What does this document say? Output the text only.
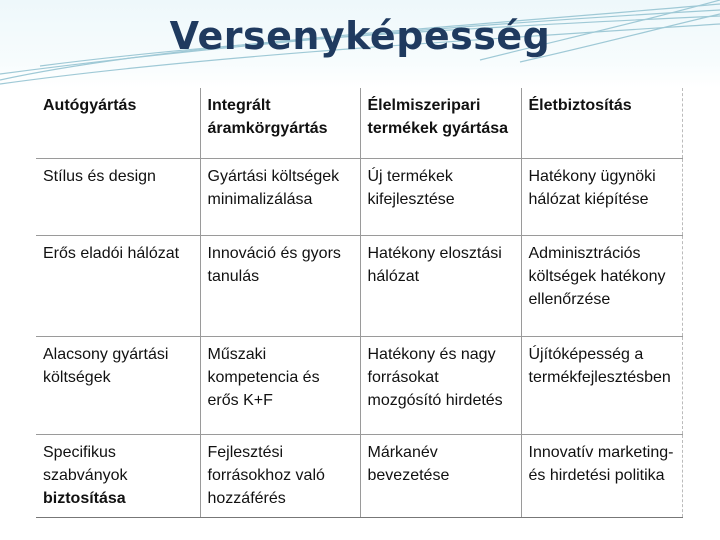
Versenyképesség
Autógyártás	Integrált áramkörgyártás	Élelmiszeripari termékek gyártása	Életbiztosítás
Stílus és design	Gyártási költségek minimalizálása	Új termékek kifejlesztése	Hatékony ügynöki hálózat kiépítése
Erős eladói hálózat	Innováció és gyors tanulás	Hatékony elosztási hálózat	Adminisztrációs költségek hatékony ellenőrzése
Alacsony gyártási költségek	Műszaki kompetencia és erős K+F	Hatékony és nagy forrásokat mozgósító hirdetés	Újítóképesség a termékfejlesztésben
Specifikus szabványok biztosítása	Fejlesztési forrásokhoz való hozzáférés	Márkanév bevezetése	Innovatív marketing- és hirdetési politika
